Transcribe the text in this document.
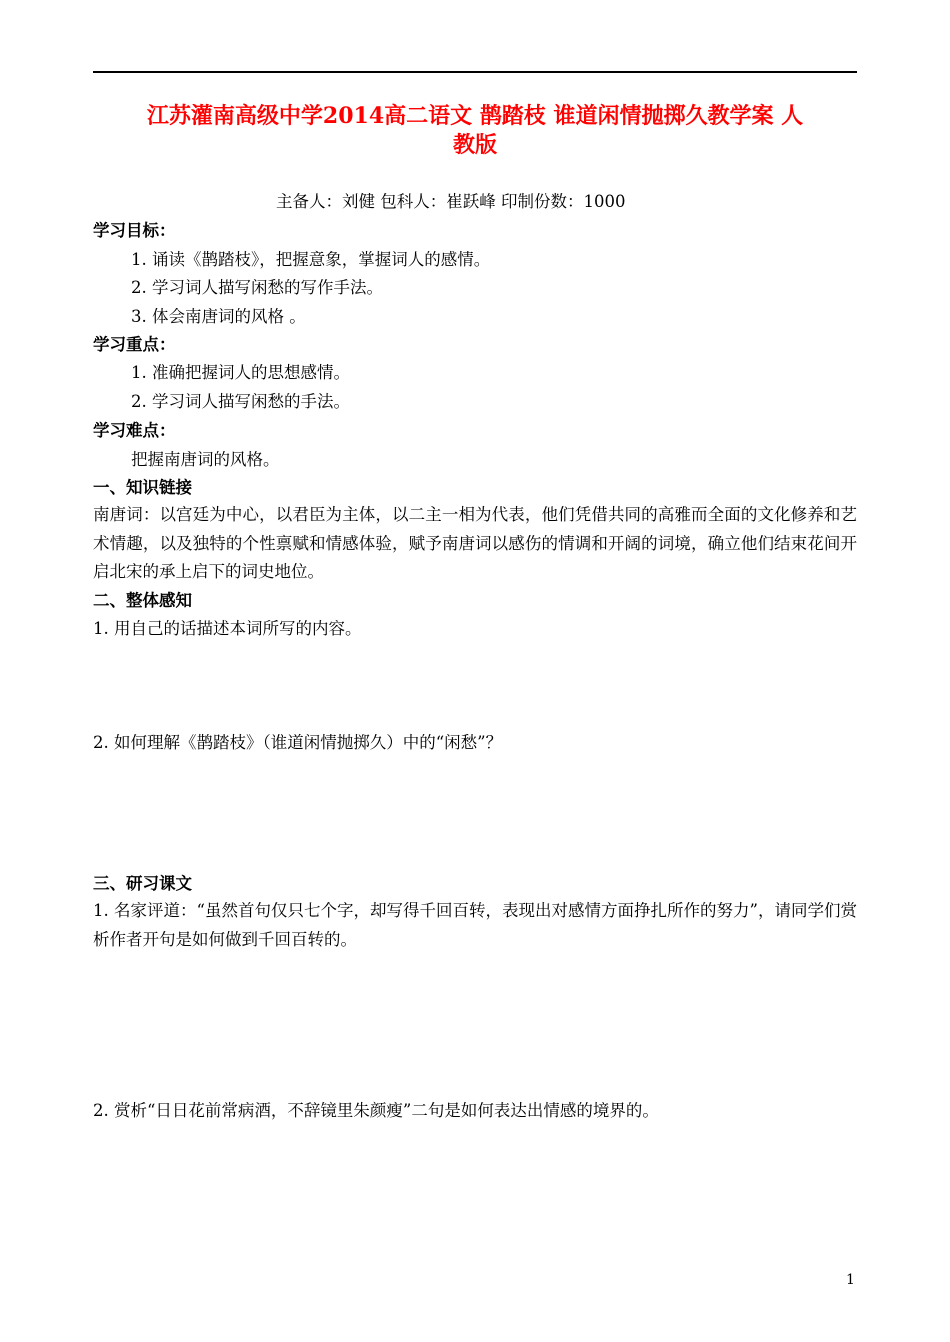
江苏灌南高级中学2014高二语文 鹊踏枝 谁道闲情抛掷久教学案 人
教版
主备人：刘健 包科人：崔跃峰 印制份数：1000
学习目标：
1. 诵读《鹊踏枝》，把握意象，掌握词人的感情。
2. 学习词人描写闲愁的写作手法。
3. 体会南唐词的风格 。
学习重点：
1. 准确把握词人的思想感情。
2. 学习词人描写闲愁的手法。
学习难点：
把握南唐词的风格。
一、知识链接
南唐词：以宫廷为中心，以君臣为主体，以二主一相为代表，他们凭借共同的高雅而全面的文化修养和艺术情趣，以及独特的个性禀赋和情感体验，赋予南唐词以感伤的情调和开阔的词境，确立他们结束花间开启北宋的承上启下的词史地位。
二、整体感知
1. 用自己的话描述本词所写的内容。
2. 如何理解《鹊踏枝》（谁道闲情抛掷久）中的“闲愁”？
三、研习课文
1. 名家评道：“虽然首句仅只七个字，却写得千回百转，表现出对感情方面挣扎所作的努力”，请同学们赏析作者开句是如何做到千回百转的。
2. 赏析“日日花前常病酒，不辞镜里朱颜瘦”二句是如何表达出情感的境界的。
1
